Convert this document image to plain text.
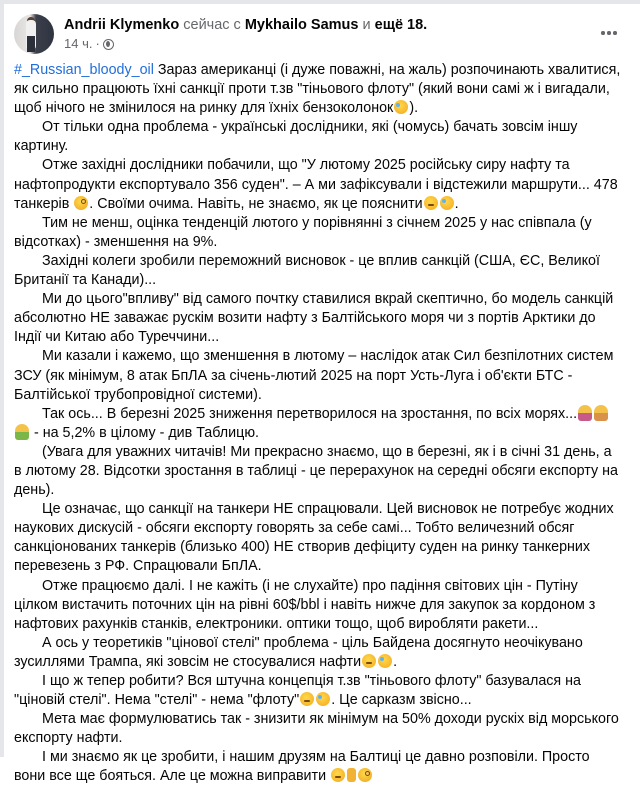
Andrii Klymenko сейчас с Mykhailo Samus и ещё 18.
14 ч. ·

#_Russian_bloody_oil Зараз американці (і дуже поважні, на жаль) розпочинають хвалитися, як сильно працюють їхні санкції проти т.зв "тіньового флоту" (який вони самі ж і вигадали, щоб нічого не змінилося на ринку для їхніх бензоколонок ).

От тільки одна проблема - українські дослідники, які (чомусь) бачать зовсім іншу картину.

Отже західні дослідники побачили, що "У лютому 2025 російську сиру нафту та нафтопродукти експортувало 356 суден". – А ми зафіксували і відстежили маршрути... 478 танкерів . Своїми очима. Навіть, не знаємо, як це пояснити .

Тим не менш, оцінка тенденцій лютого у порівнянні з січнем 2025 у нас співпала (у відсотках) - зменшення на 9%.

Західні колеги зробили переможний висновок - це вплив санкцій (США, ЄС, Великої Британії та Канади)...

Ми до цього"впливу" від самого почтку ставилися вкрай скептично, бо модель санкцій абсолютно НЕ заважає рускім возити нафту з Балтійського моря чи з портів Арктики до Індії чи Китаю або Туреччини...

Ми казали і кажемо, що зменшення в лютому – наслідок атак Сил безпілотних систем ЗСУ (як мінімум, 8 атак БпЛА за січень-лютий 2025 на порт Усть-Луга і об'єкти БТС - Балтійської трубопровідної системи).

Так ось... В березні 2025 зниження перетворилося на зростання, по всіх морях... - на 5,2% в цілому - див Таблицю.

(Увага для уважних читачів! Ми прекрасно знаємо, що в березні, як і в січні 31 день, а в лютому 28. Відсотки зростання в таблиці - це перерахунок на середні обсяги експорту на день).

Це означає, що санкції на танкери НЕ спрацювали. Цей висновок не потребує жодних наукових дискусій - обсяги експорту говорять за себе самі... Тобто величезний обсяг санкціонованих танкерів (близько 400) НЕ створив дефіциту суден на ринку танкерних перевезень з РФ. Спрацювали БпЛА.

Отже працюємо далі. І не кажіть (і не слухайте) про падіння світових цін - Путіну цілком вистачить поточних цін на рівні 60$/bbl і навіть нижче для закупок за кордоном з нафтових рахунків станків, електроники. оптики тощо, щоб виробляти ракети...

А ось у теоретиків "цінової стелі" проблема - ціль Байдена досягнуто неочікувано зусиллями Трампа, які зовсім не стосувалися нафти .

І що ж тепер робити? Вся штучна концепція т.зв "тіньового флоту" базувалася на "ціновій стелі". Нема "стелі" - нема "флоту" . Це сарказм звісно...

Мета має формулюватись так - знизити як мінімум на 50% доходи рускіх від морського експорту нафти.

І ми знаємо як це зробити, і нашим друзям на Балтиці це давно розповіли. Просто вони все ще бояться. Але це можна виправити
